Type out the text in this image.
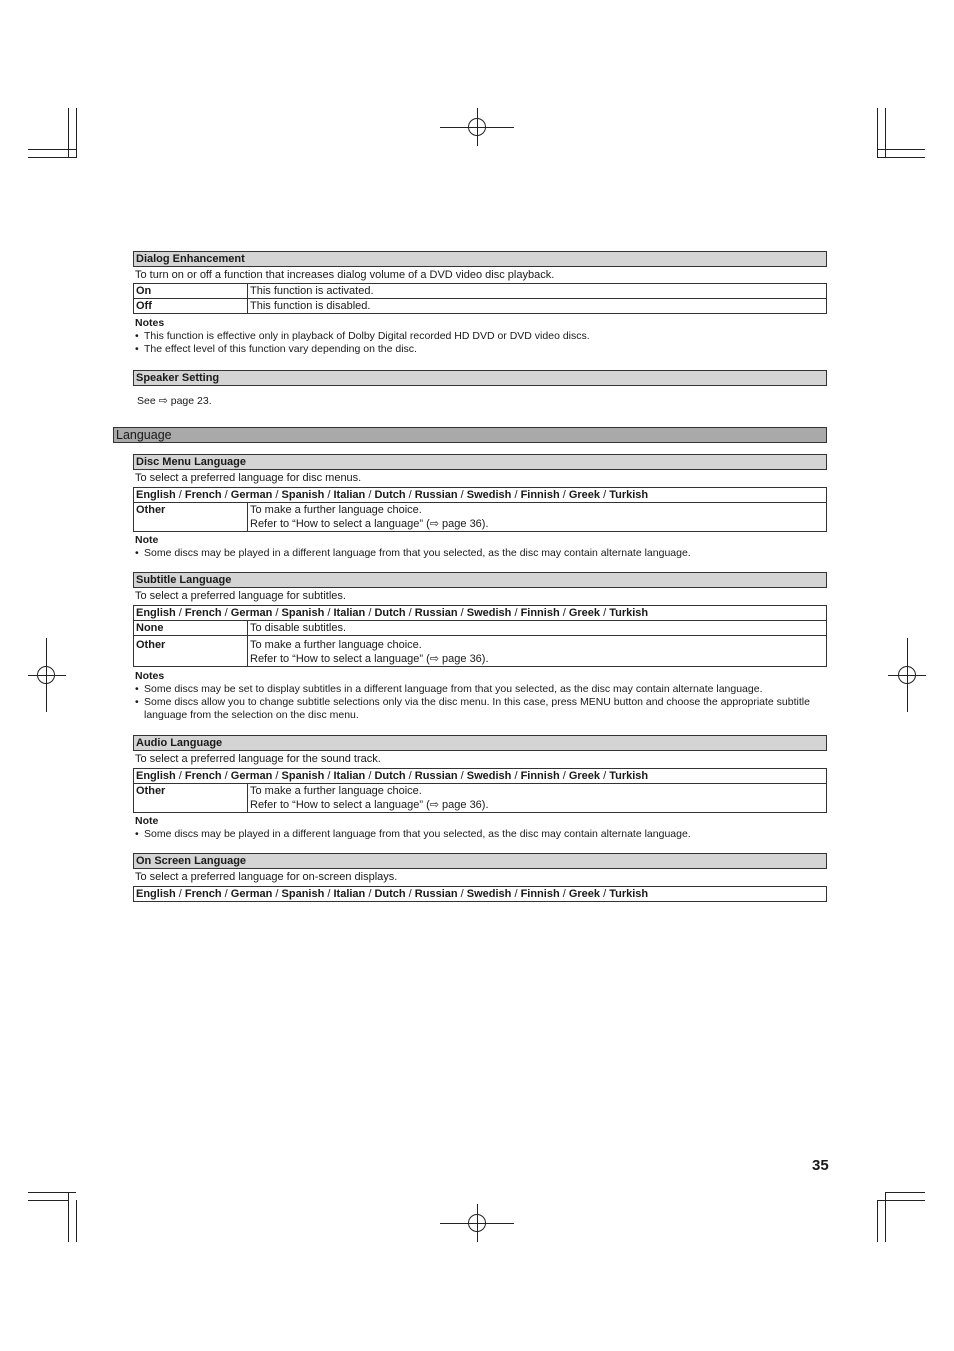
Dialog Enhancement
To turn on or off a function that increases dialog volume of a DVD video disc playback.
On	This function is activated.
Off	This function is disabled.
Notes
• This function is effective only in playback of Dolby Digital recorded HD DVD or DVD video discs.
• The effect level of this function vary depending on the disc.
Speaker Setting
See ⇨ page 23.
Language
Disc Menu Language
To select a preferred language for disc menus.
English / French / German / Spanish / Italian / Dutch / Russian / Swedish / Finnish / Greek / Turkish
Other	To make a further language choice.
Refer to “How to select a language” (⇨ page 36).
Note
• Some discs may be played in a different language from that you selected, as the disc may contain alternate language.
Subtitle Language
To select a preferred language for subtitles.
English / French / German / Spanish / Italian / Dutch / Russian / Swedish / Finnish / Greek / Turkish	
None	To disable subtitles.
Other	To make a further language choice.
Refer to “How to select a language” (⇨ page 36).
Notes
• Some discs may be set to display subtitles in a different language from that you selected, as the disc may contain alternate language.
• Some discs allow you to change subtitle selections only via the disc menu. In this case, press MENU button and choose the appropriate subtitle language from the selection on the disc menu.
Audio Language
To select a preferred language for the sound track.
English / French / German / Spanish / Italian / Dutch / Russian / Swedish / Finnish / Greek / Turkish
Other	To make a further language choice.
Refer to “How to select a language” (⇨ page 36).
Note
• Some discs may be played in a different language from that you selected, as the disc may contain alternate language.
On Screen Language
To select a preferred language for on-screen displays.
English / French / German / Spanish / Italian / Dutch / Russian / Swedish / Finnish / Greek / Turkish
35
